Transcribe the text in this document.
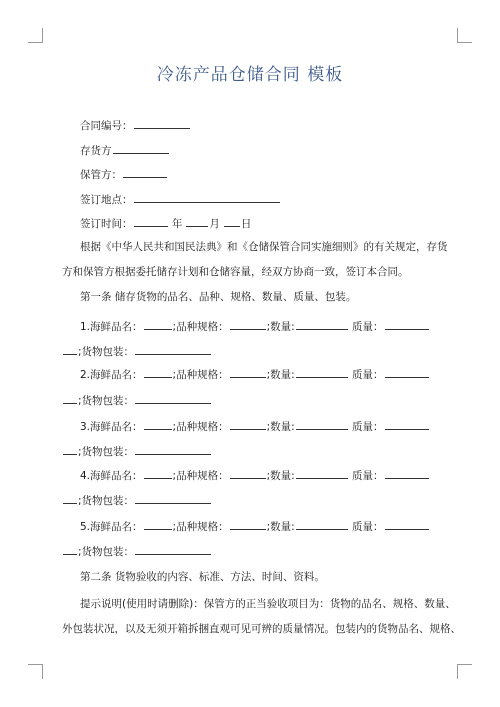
冷冻产品仓储合同 模板
合同编号：
存货方
保管方：
签订地点：
签订时间：	年	月 日
根据《中华人民共和国民法典》和《仓储保管合同实施细则》的有关规定，存货
方和保管方根据委托储存计划和仓储容量，经双方协商一致，签订本合同。
第一条 储存货物的品名、品种、规格、数量、质量、包装。
1.海鲜品名：	;品种规格：	;数量:	质量：
;货物包装：
2.海鲜品名：	;品种规格：	;数量:	质量：
;货物包装：
3.海鲜品名：	;品种规格：	;数量:	质量：
;货物包装：
4.海鲜品名：	;品种规格：	;数量:	质量：
;货物包装：
5.海鲜品名：	;品种规格：	;数量:	质量：
;货物包装：
第二条 货物验收的内容、标准、方法、时间、资料。
提示说明(使用时请删除)：保管方的正当验收项目为：货物的品名、规格、数量、
外包装状况，以及无须开箱拆捆直观可见可辨的质量情况。包装内的货物品名、规格、
